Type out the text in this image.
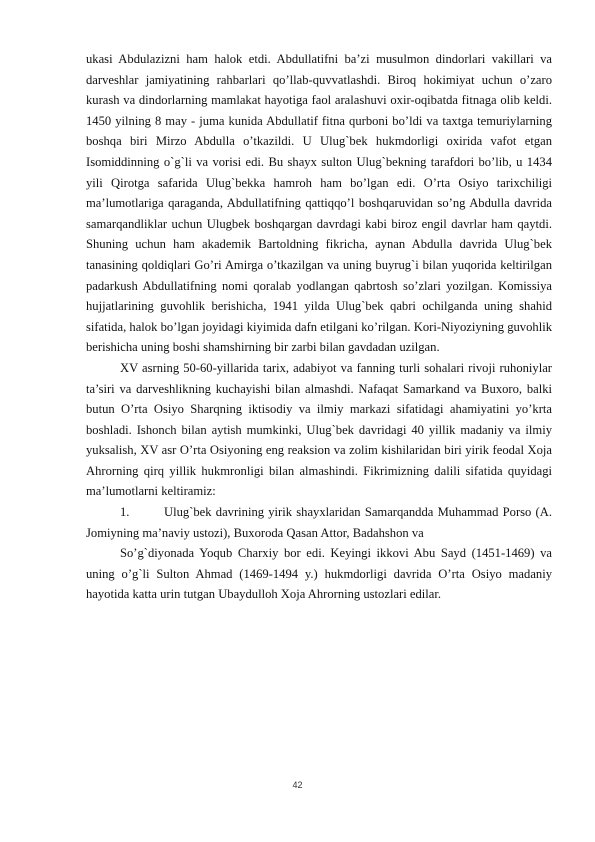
ukasi Abdulazizni ham halok etdi. Abdullatifni ba’zi musulmon dindorlari vakillari va darveshlar jamiyatining rahbarlari qo’llab-quvvatlashdi. Biroq hokimiyat uchun o’zaro kurash va dindorlarning mamlakat hayotiga faol aralashuvi oxir-oqibatda fitnaga olib keldi. 1450 yilning 8 may - juma kunida Abdullatif fitna qurboni bo’ldi va taxtga temuriylarning boshqa biri Mirzo Abdulla o’tkazildi. U Ulug`bek hukmdorligi oxirida vafot etgan Isomiddinning o`g`li va vorisi edi. Bu shayx sulton Ulug`bekning tarafdori bo’lib, u 1434 yili Qirotga safarida Ulug`bekka hamroh ham bo’lgan edi. O’rta Osiyo tarixchiligi ma’lumotlariga qaraganda, Abdullatifning qattiqqo’l boshqaruvidan so’ng Abdulla davrida samarqandliklar uchun Ulugbek boshqargan davrdagi kabi biroz engil davrlar ham qaytdi. Shuning uchun ham akademik Bartoldning fikricha, aynan Abdulla davrida Ulug`bek tanasining qoldiqlari Go’ri Amirga o’tkazilgan va uning buyrug`i bilan yuqorida keltirilgan padarkush Abdullatifning nomi qoralab yodlangan qabrtosh so’zlari yozilgan. Komissiya hujjatlarining guvohlik berishicha, 1941 yilda Ulug`bek qabri ochilganda uning shahid sifatida, halok bo’lgan joyidagi kiyimida dafn etilgani ko’rilgan. Kori-Niyoziyning guvohlik berishicha uning boshi shamshirning bir zarbi bilan gavdadan uzilgan.

XV asrning 50-60-yillarida tarix, adabiyot va fanning turli sohalari rivoji ruhoniylar ta’siri va darveshlikning kuchayishi bilan almashdi. Nafaqat Samarkand va Buxoro, balki butun O’rta Osiyo Sharqning iktisodiy va ilmiy markazi sifatidagi ahamiyatini yo’krta boshladi. Ishonch bilan aytish mumkinki, Ulug`bek davridagi 40 yillik madaniy va ilmiy yuksalish, XV asr O’rta Osiyoning eng reaksion va zolim kishilaridan biri yirik feodal Xoja Ahrorning qirq yillik hukmronligi bilan almashindi. Fikrimizning dalili sifatida quyidagi ma’lumotlarni keltiramiz:

1.	Ulug`bek davrining yirik shayxlaridan Samarqandda Muhammad Porso (A. Jomiyning ma’naviy ustozi), Buxoroda Qasan Attor, Badahshon va

So’g`diyonada Yoqub Charxiy bor edi. Keyingi ikkovi Abu Sayd (1451-1469) va uning o’g`li Sulton Ahmad (1469-1494 y.) hukmdorligi davrida O’rta Osiyo madaniy hayotida katta urin tutgan Ubaydulloh Xoja Ahrorning ustozlari edilar.

42
